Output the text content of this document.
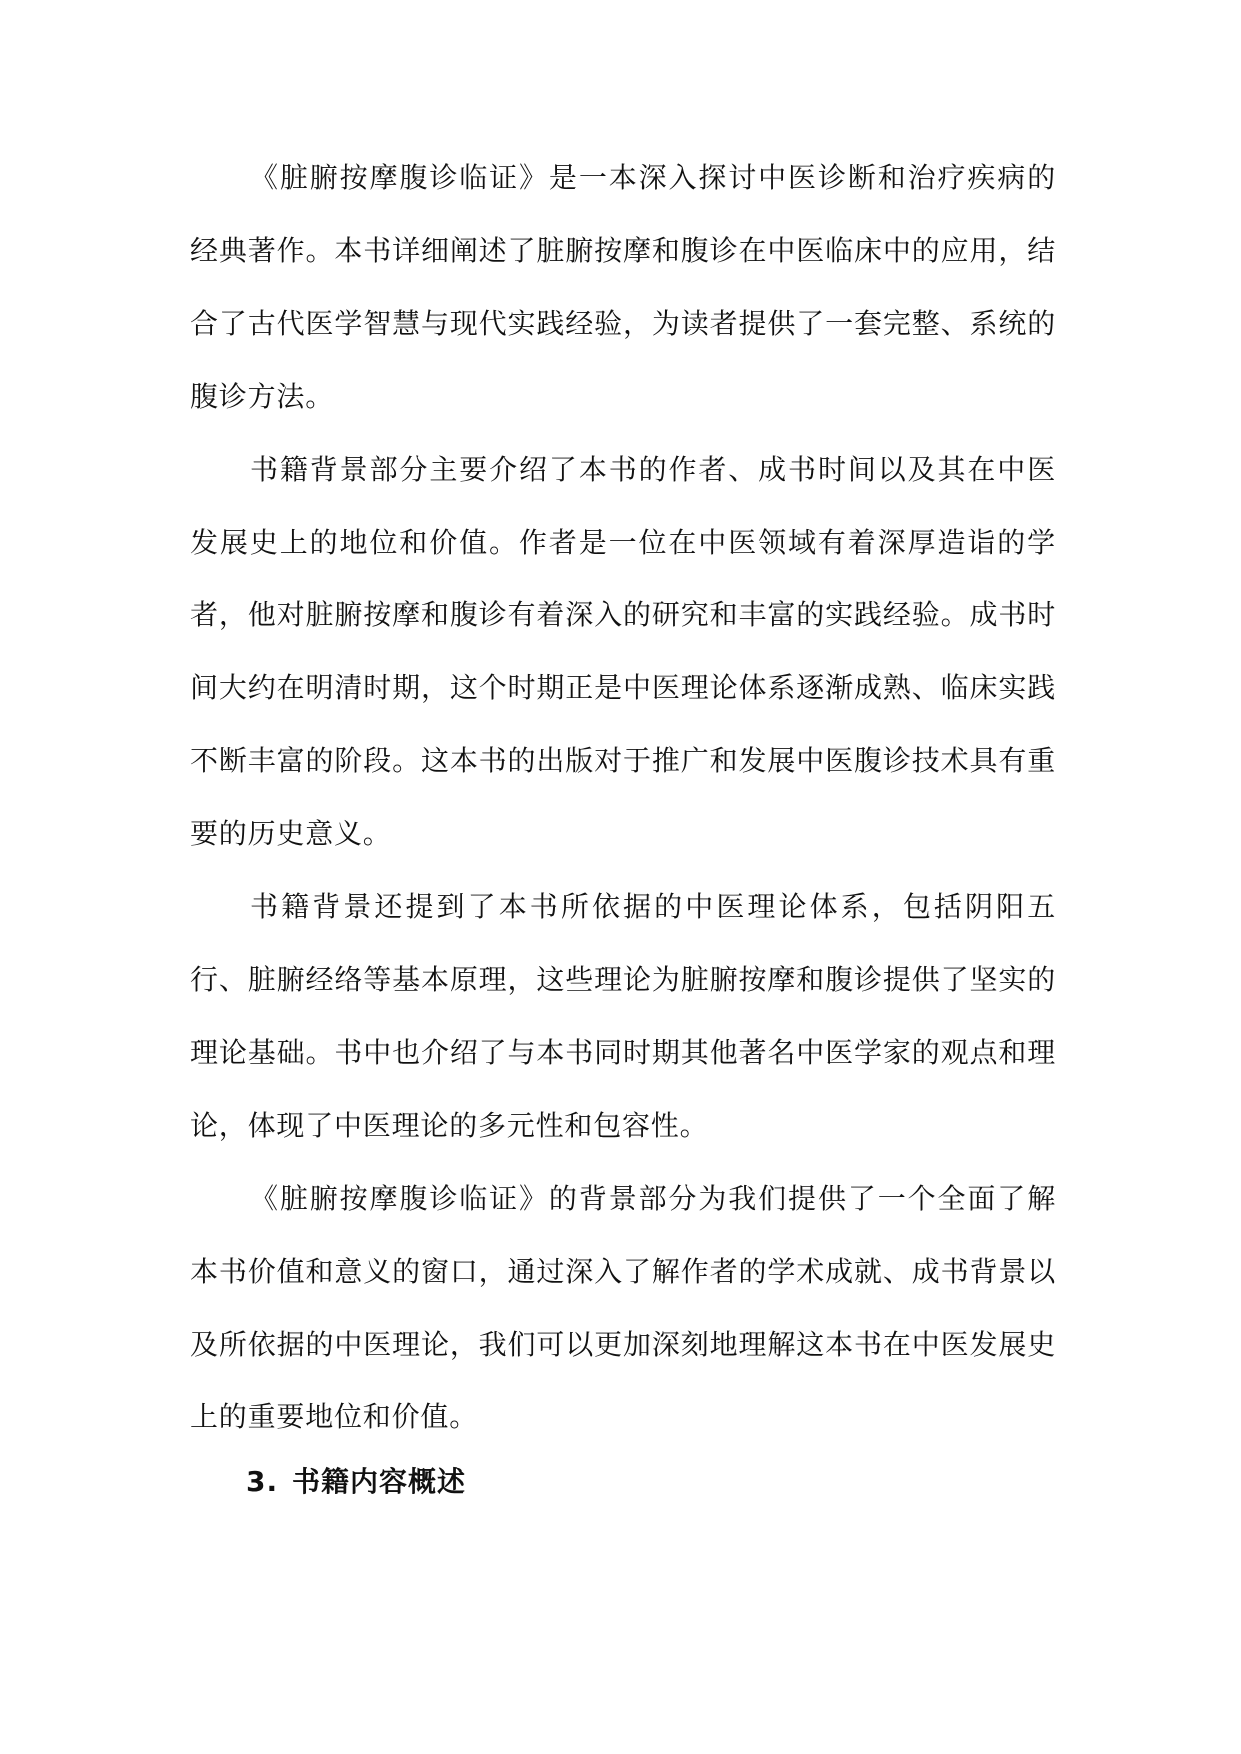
《脏腑按摩腹诊临证》是一本深入探讨中医诊断和治疗疾病的经典著作。本书详细阐述了脏腑按摩和腹诊在中医临床中的应用，结合了古代医学智慧与现代实践经验，为读者提供了一套完整、系统的腹诊方法。

书籍背景部分主要介绍了本书的作者、成书时间以及其在中医发展史上的地位和价值。作者是一位在中医领域有着深厚造诣的学者，他对脏腑按摩和腹诊有着深入的研究和丰富的实践经验。成书时间大约在明清时期，这个时期正是中医理论体系逐渐成熟、临床实践不断丰富的阶段。这本书的出版对于推广和发展中医腹诊技术具有重要的历史意义。

书籍背景还提到了本书所依据的中医理论体系，包括阴阳五行、脏腑经络等基本原理，这些理论为脏腑按摩和腹诊提供了坚实的理论基础。书中也介绍了与本书同时期其他著名中医学家的观点和理论，体现了中医理论的多元性和包容性。

《脏腑按摩腹诊临证》的背景部分为我们提供了一个全面了解本书价值和意义的窗口，通过深入了解作者的学术成就、成书背景以及所依据的中医理论，我们可以更加深刻地理解这本书在中医发展史上的重要地位和价值。

3. 书籍内容概述
